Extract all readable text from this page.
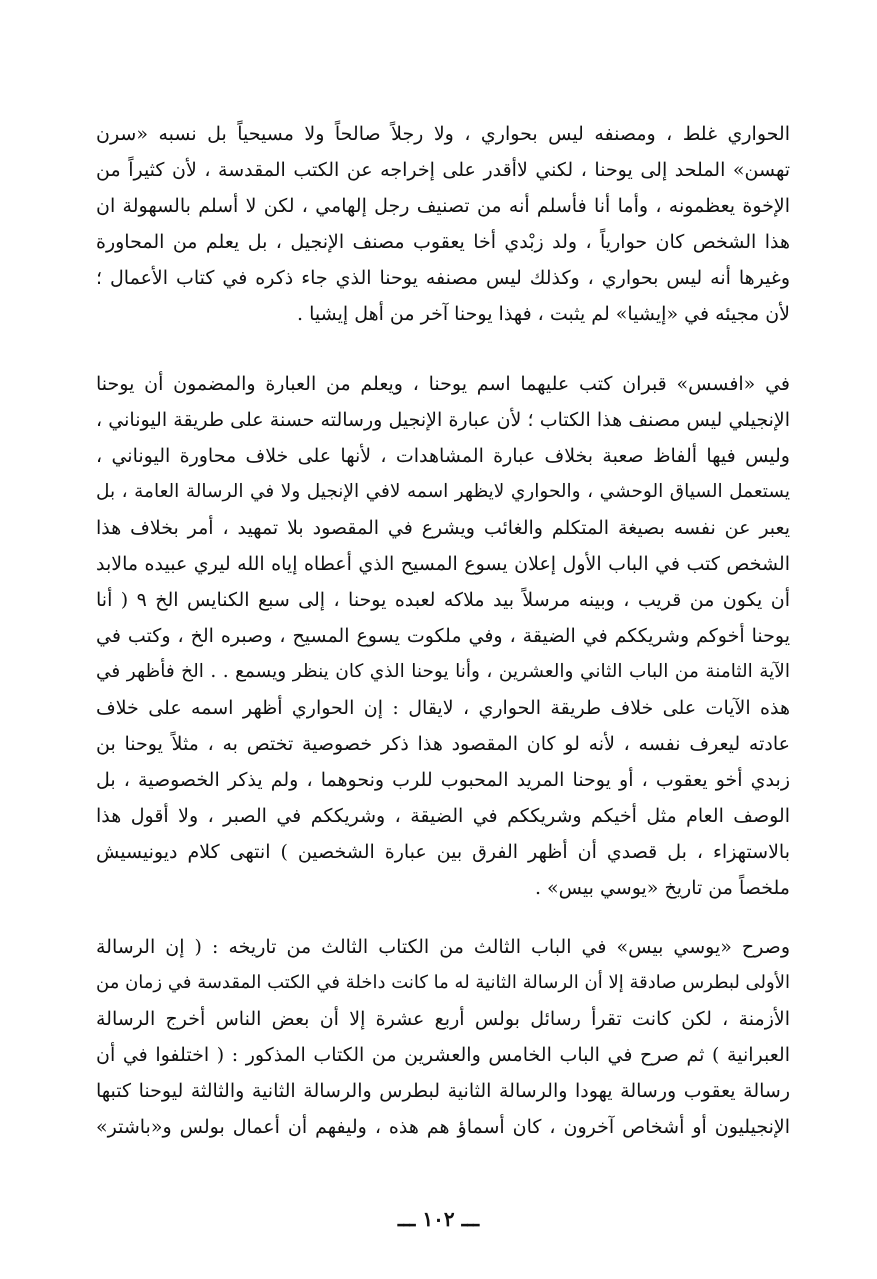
الحواري غلط ، ومصنفه ليس بحواري ، ولا رجلاً صالحاً ولا مسيحياً بل نسبه «سرن
تهسن» الملحد إلى يوحنا ، لكني لاأقدر على إخراجه عن الكتب المقدسة ، لأن كثيراً من
الإخوة يعظمونه ، وأما أنا فأسلم أنه من تصنيف رجل إلهامي ، لكن لا أسلم بالسهولة ان
هذا الشخص كان حوارياً ، ولد زبْدي أخا يعقوب مصنف الإنجيل ، بل يعلم من المحاورة
وغيرها أنه ليس بحواري ، وكذلك ليس مصنفه يوحنا الذي جاء ذكره في كتاب الأعمال ؛
لأن مجيئه في «إيشيا» لم يثبت ، فهذا يوحنا آخر من أهل إيشيا .
في «افسس» قبران كتب عليهما اسم يوحنا ، ويعلم من العبارة والمضمون أن يوحنا
الإنجيلي ليس مصنف هذا الكتاب ؛ لأن عبارة الإنجيل ورسالته حسنة على طريقة اليوناني ،
وليس فيها ألفاظ صعبة بخلاف عبارة المشاهدات ، لأنها على خلاف محاورة اليوناني ،
يستعمل السياق الوحشي ، والحواري لايظهر اسمه لافي الإنجيل ولا في الرسالة العامة ، بل
يعبر عن نفسه بصيغة المتكلم والغائب ويشرع في المقصود بلا تمهيد ، أمر بخلاف هذا
الشخص كتب في الباب الأول إعلان يسوع المسيح الذي أعطاه إياه الله ليري عبيده مالابد
أن يكون من قريب ، وبينه مرسلاً بيد ملاكه لعبده يوحنا ، إلى سبع الكنايس الخ ٩ ( أنا
يوحنا أخوكم وشريككم في الضيقة ، وفي ملكوت يسوع المسيح ، وصبره الخ ، وكتب في
الآية الثامنة من الباب الثاني والعشرين ، وأنا يوحنا الذي كان ينظر ويسمع . . الخ فأظهر في
هذه الآيات على خلاف طريقة الحواري ، لايقال : إن الحواري أظهر اسمه على خلاف
عادته ليعرف نفسه ، لأنه لو كان المقصود هذا ذكر خصوصية تختص به ، مثلاً يوحنا بن
زبدي أخو يعقوب ، أو يوحنا المريد المحبوب للرب ونحوهما ، ولم يذكر الخصوصية ، بل
الوصف العام مثل أخيكم وشريككم في الضيقة ، وشريككم في الصبر ، ولا أقول هذا
بالاستهزاء ، بل قصدي أن أظهر الفرق بين عبارة الشخصين ) انتهى كلام ديونيسيش
ملخصاً من تاريخ «يوسي بيس» .
وصرح «يوسي بيس» في الباب الثالث من الكتاب الثالث من تاريخه : ( إن الرسالة
الأولى لبطرس صادقة إلا أن الرسالة الثانية له ما كانت داخلة في الكتب المقدسة في زمان من
الأزمنة ، لكن كانت تقرأ رسائل بولس أربع عشرة إلا أن بعض الناس أخرج الرسالة
العبرانية ) ثم صرح في الباب الخامس والعشرين من الكتاب المذكور : ( اختلفوا في أن
رسالة يعقوب ورسالة يهودا والرسالة الثانية لبطرس والرسالة الثانية والثالثة ليوحنا كتبها
الإنجيليون أو أشخاص آخرون ، كان أسماؤ هم هذه ، وليفهم أن أعمال بولس و«باشتر»
ـــ ١٠٢ ـــ
